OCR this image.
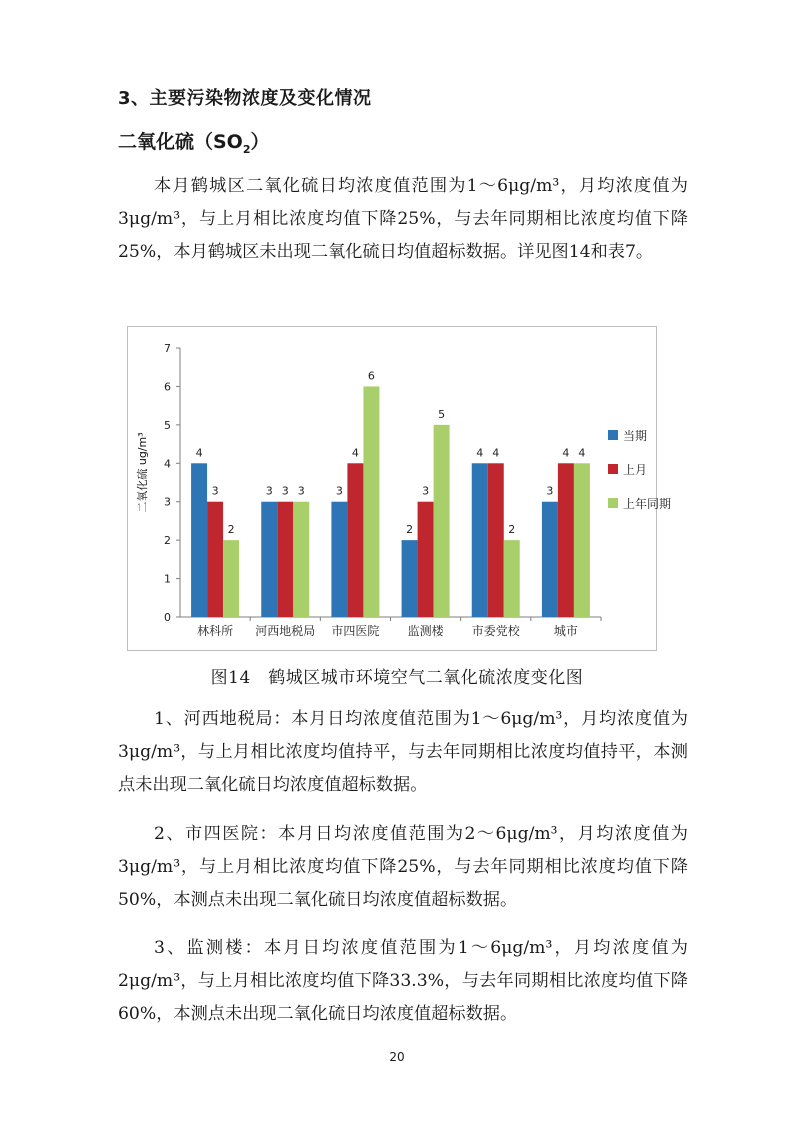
3、主要污染物浓度及变化情况
二氧化硫$(SO_2)$
本月鹤城区二氧化硫日均浓度值范围为1～6μg/m³，月均浓度值为3μg/m³，与上月相比浓度均值下降25%，与去年同期相比浓度均值下降25%，本月鹤城区未出现二氧化硫日均值超标数据。详见图14和表7。
0
1
2
3
4
5
6
7
二氧化硫 ug/m³	4
3
2
林科所
3 3 3
河西地税局
3
4
6
市四医院
2
3
5
监测楼
4 4
2
市委党校
3
4 4
城市
当期
上月
上年同期
图14　鹤城区城市环境空气二氧化硫浓度变化图
1、河西地税局：本月日均浓度值范围为1～6μg/m³，月均浓度值为3μg/m³，与上月相比浓度均值持平，与去年同期相比浓度均值持平，本测点未出现二氧化硫日均浓度值超标数据。
2、市四医院：本月日均浓度值范围为2～6μg/m³，月均浓度值为3μg/m³，与上月相比浓度均值下降25%，与去年同期相比浓度均值下降50%，本测点未出现二氧化硫日均浓度值超标数据。
3、监测楼：本月日均浓度值范围为1～6μg/m³，月均浓度值为2μg/m³，与上月相比浓度均值下降33.3%，与去年同期相比浓度均值下降60%，本测点未出现二氧化硫日均浓度值超标数据。
20
